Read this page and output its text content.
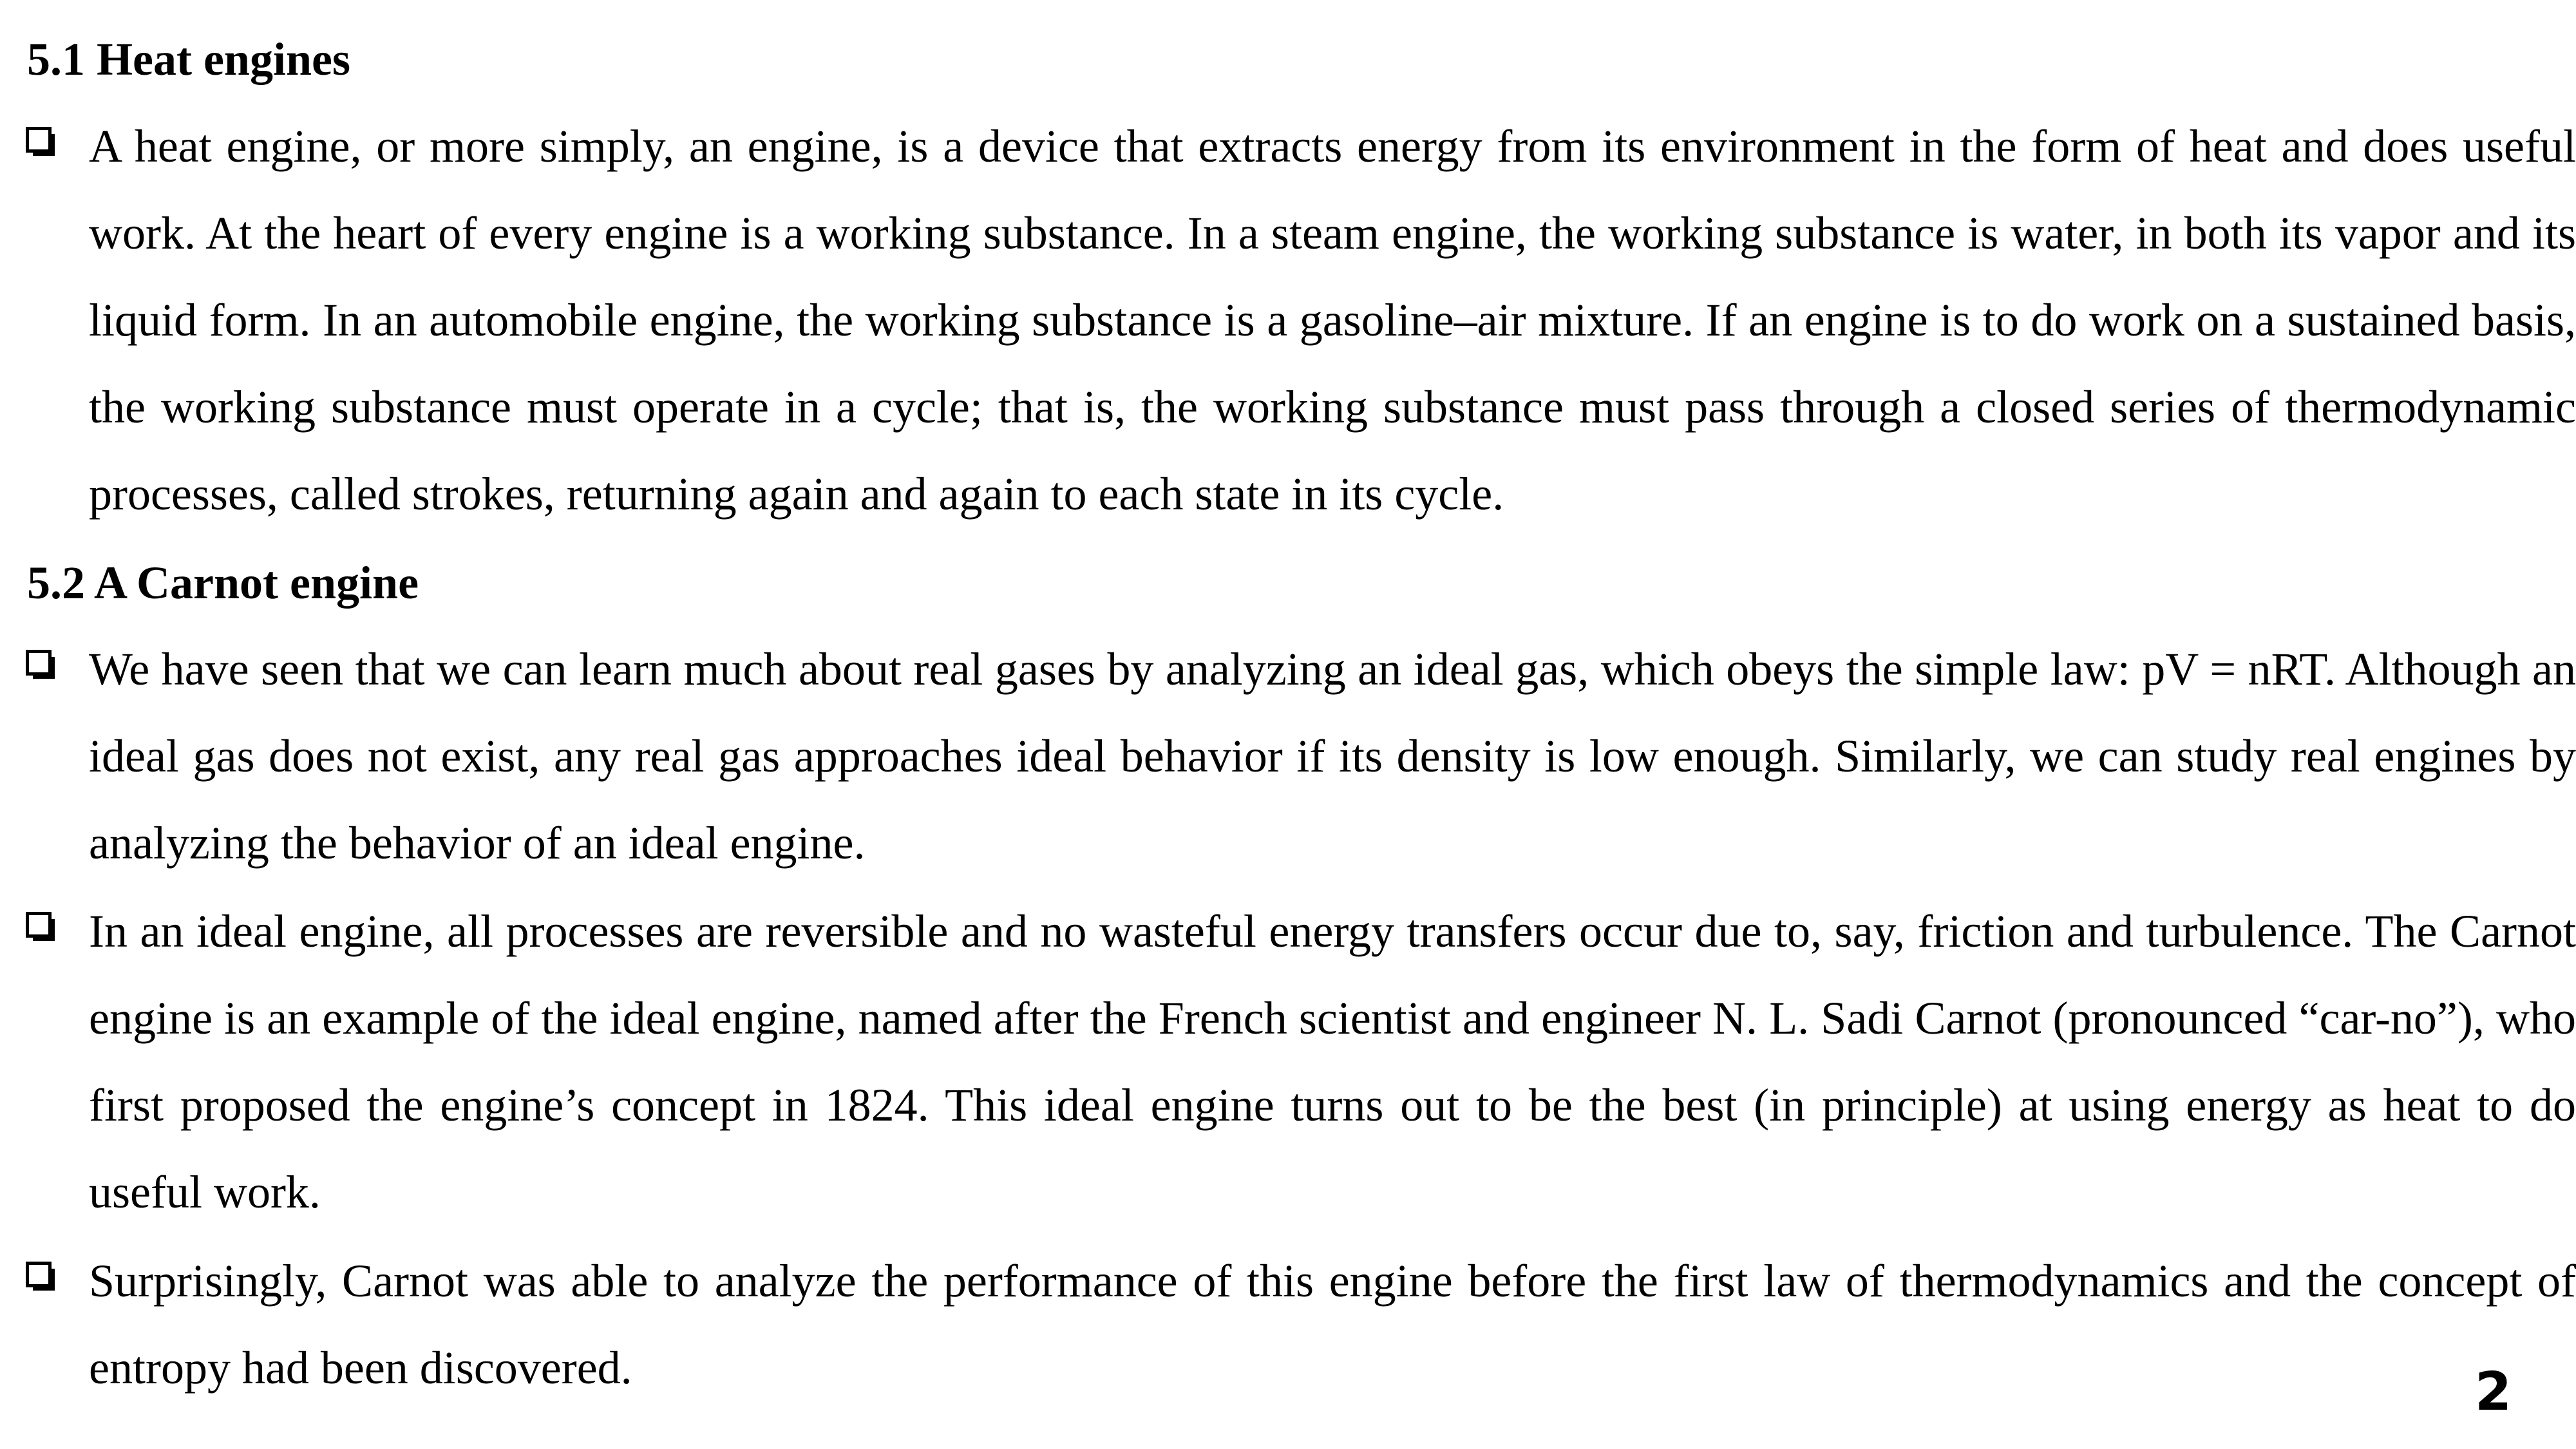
5.1 Heat engines
A heat engine, or more simply, an engine, is a device that extracts energy from its environment in the form of heat and does useful work. At the heart of every engine is a working substance. In a steam engine, the working substance is water, in both its vapor and its liquid form. In an automobile engine, the working substance is a gasoline–air mixture. If an engine is to do work on a sustained basis, the working substance must operate in a cycle; that is, the working substance must pass through a closed series of thermodynamic processes, called strokes, returning again and again to each state in its cycle.
5.2 A Carnot engine
We have seen that we can learn much about real gases by analyzing an ideal gas, which obeys the simple law: pV = nRT. Although an ideal gas does not exist, any real gas approaches ideal behavior if its density is low enough. Similarly, we can study real engines by analyzing the behavior of an ideal engine.
In an ideal engine, all processes are reversible and no wasteful energy transfers occur due to, say, friction and turbulence. The Carnot engine is an example of the ideal engine, named after the French scientist and engineer N. L. Sadi Carnot (pronounced “car-no”), who first proposed the engine’s concept in 1824. This ideal engine turns out to be the best (in principle) at using energy as heat to do useful work.
Surprisingly, Carnot was able to analyze the performance of this engine before the first law of thermodynamics and the concept of entropy had been discovered.	2
